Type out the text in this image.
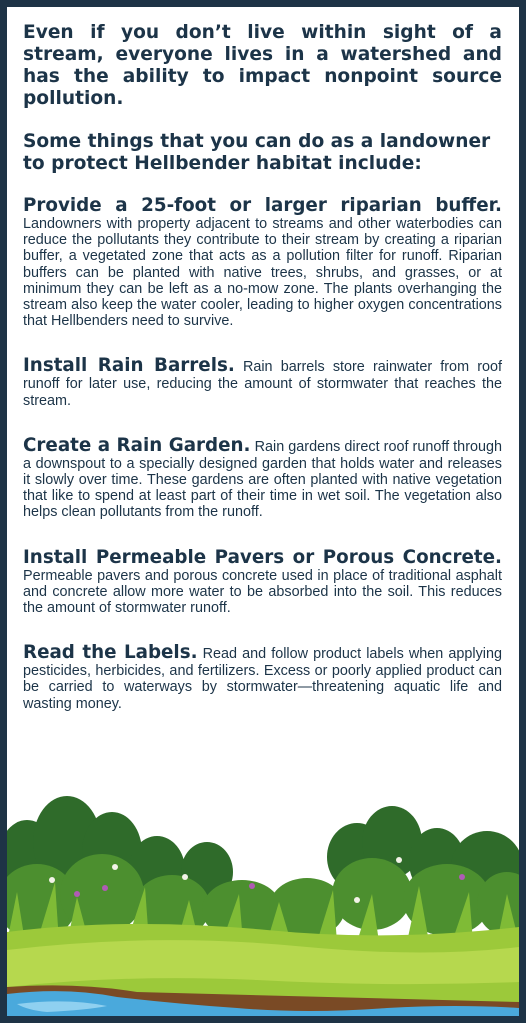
Even if you don’t live within sight of a stream, everyone lives in a watershed and has the ability to impact nonpoint source pollution.

Some things that you can do as a landowner to protect Hellbender habitat include:

Provide a 25-foot or larger riparian buffer. Landowners with property adjacent to streams and other waterbodies can reduce the pollutants they contribute to their stream by creating a riparian buffer, a vegetated zone that acts as a pollution filter for runoff. Riparian buffers can be planted with native trees, shrubs, and grasses, or at minimum they can be left as a no-mow zone. The plants overhanging the stream also keep the water cooler, leading to higher oxygen concentrations that Hellbenders need to survive.

Install Rain Barrels. Rain barrels store rainwater from roof runoff for later use, reducing the amount of stormwater that reaches the stream.

Create a Rain Garden. Rain gardens direct roof runoff through a downspout to a specially designed garden that holds water and releases it slowly over time. These gardens are often planted with native vegetation that like to spend at least part of their time in wet soil. The vegetation also helps clean pollutants from the runoff.

Install Permeable Pavers or Porous Concrete. Permeable pavers and porous concrete used in place of traditional asphalt and concrete allow more water to be absorbed into the soil. This reduces the amount of stormwater runoff.

Read the Labels. Read and follow product labels when applying pesticides, herbicides, and fertilizers. Excess or poorly applied product can be carried to waterways by stormwater—threatening aquatic life and wasting money.
